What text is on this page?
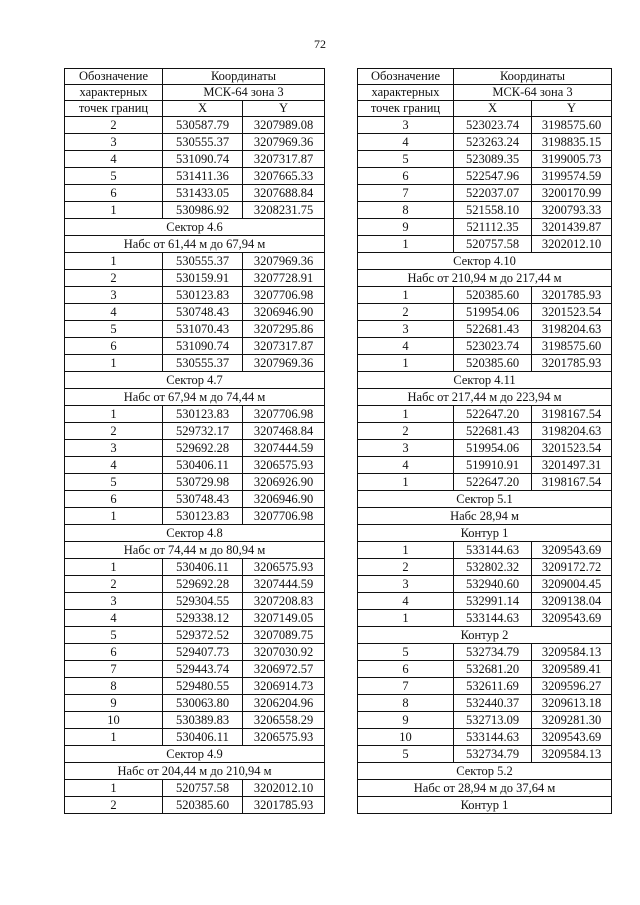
72
Обозначение	Координаты	
характерных	МСК-64 зона 3	
точек границ	X	Y
2	530587.79	3207989.08
3	530555.37	3207969.36
4	531090.74	3207317.87
5	531411.36	3207665.33
6	531433.05	3207688.84
1	530986.92	3208231.75
Сектор 4.6		
Набс от 61,44 м до 67,94 м		
1	530555.37	3207969.36
2	530159.91	3207728.91
3	530123.83	3207706.98
4	530748.43	3206946.90
5	531070.43	3207295.86
6	531090.74	3207317.87
1	530555.37	3207969.36
Сектор 4.7		
Набс от 67,94 м до 74,44 м		
1	530123.83	3207706.98
2	529732.17	3207468.84
3	529692.28	3207444.59
4	530406.11	3206575.93
5	530729.98	3206926.90
6	530748.43	3206946.90
1	530123.83	3207706.98
Сектор 4.8		
Набс от 74,44 м до 80,94 м		
1	530406.11	3206575.93
2	529692.28	3207444.59
3	529304.55	3207208.83
4	529338.12	3207149.05
5	529372.52	3207089.75
6	529407.73	3207030.92
7	529443.74	3206972.57
8	529480.55	3206914.73
9	530063.80	3206204.96
10	530389.83	3206558.29
1	530406.11	3206575.93
Сектор 4.9		
Набс от 204,44 м до 210,94 м		
1	520757.58	3202012.10
2	520385.60	3201785.93
Обозначение	Координаты	
характерных	МСК-64 зона 3	
точек границ	X	Y
3	523023.74	3198575.60
4	523263.24	3198835.15
5	523089.35	3199005.73
6	522547.96	3199574.59
7	522037.07	3200170.99
8	521558.10	3200793.33
9	521112.35	3201439.87
1	520757.58	3202012.10
Сектор 4.10		
Набс от 210,94 м до 217,44 м		
1	520385.60	3201785.93
2	519954.06	3201523.54
3	522681.43	3198204.63
4	523023.74	3198575.60
1	520385.60	3201785.93
Сектор 4.11		
Набс от 217,44 м до 223,94 м		
1	522647.20	3198167.54
2	522681.43	3198204.63
3	519954.06	3201523.54
4	519910.91	3201497.31
1	522647.20	3198167.54
Сектор 5.1		
Набс 28,94 м		
Контур 1		
1	533144.63	3209543.69
2	532802.32	3209172.72
3	532940.60	3209004.45
4	532991.14	3209138.04
1	533144.63	3209543.69
Контур 2		
5	532734.79	3209584.13
6	532681.20	3209589.41
7	532611.69	3209596.27
8	532440.37	3209613.18
9	532713.09	3209281.30
10	533144.63	3209543.69
5	532734.79	3209584.13
Сектор 5.2		
Набс от 28,94 м до 37,64 м		
Контур 1		
